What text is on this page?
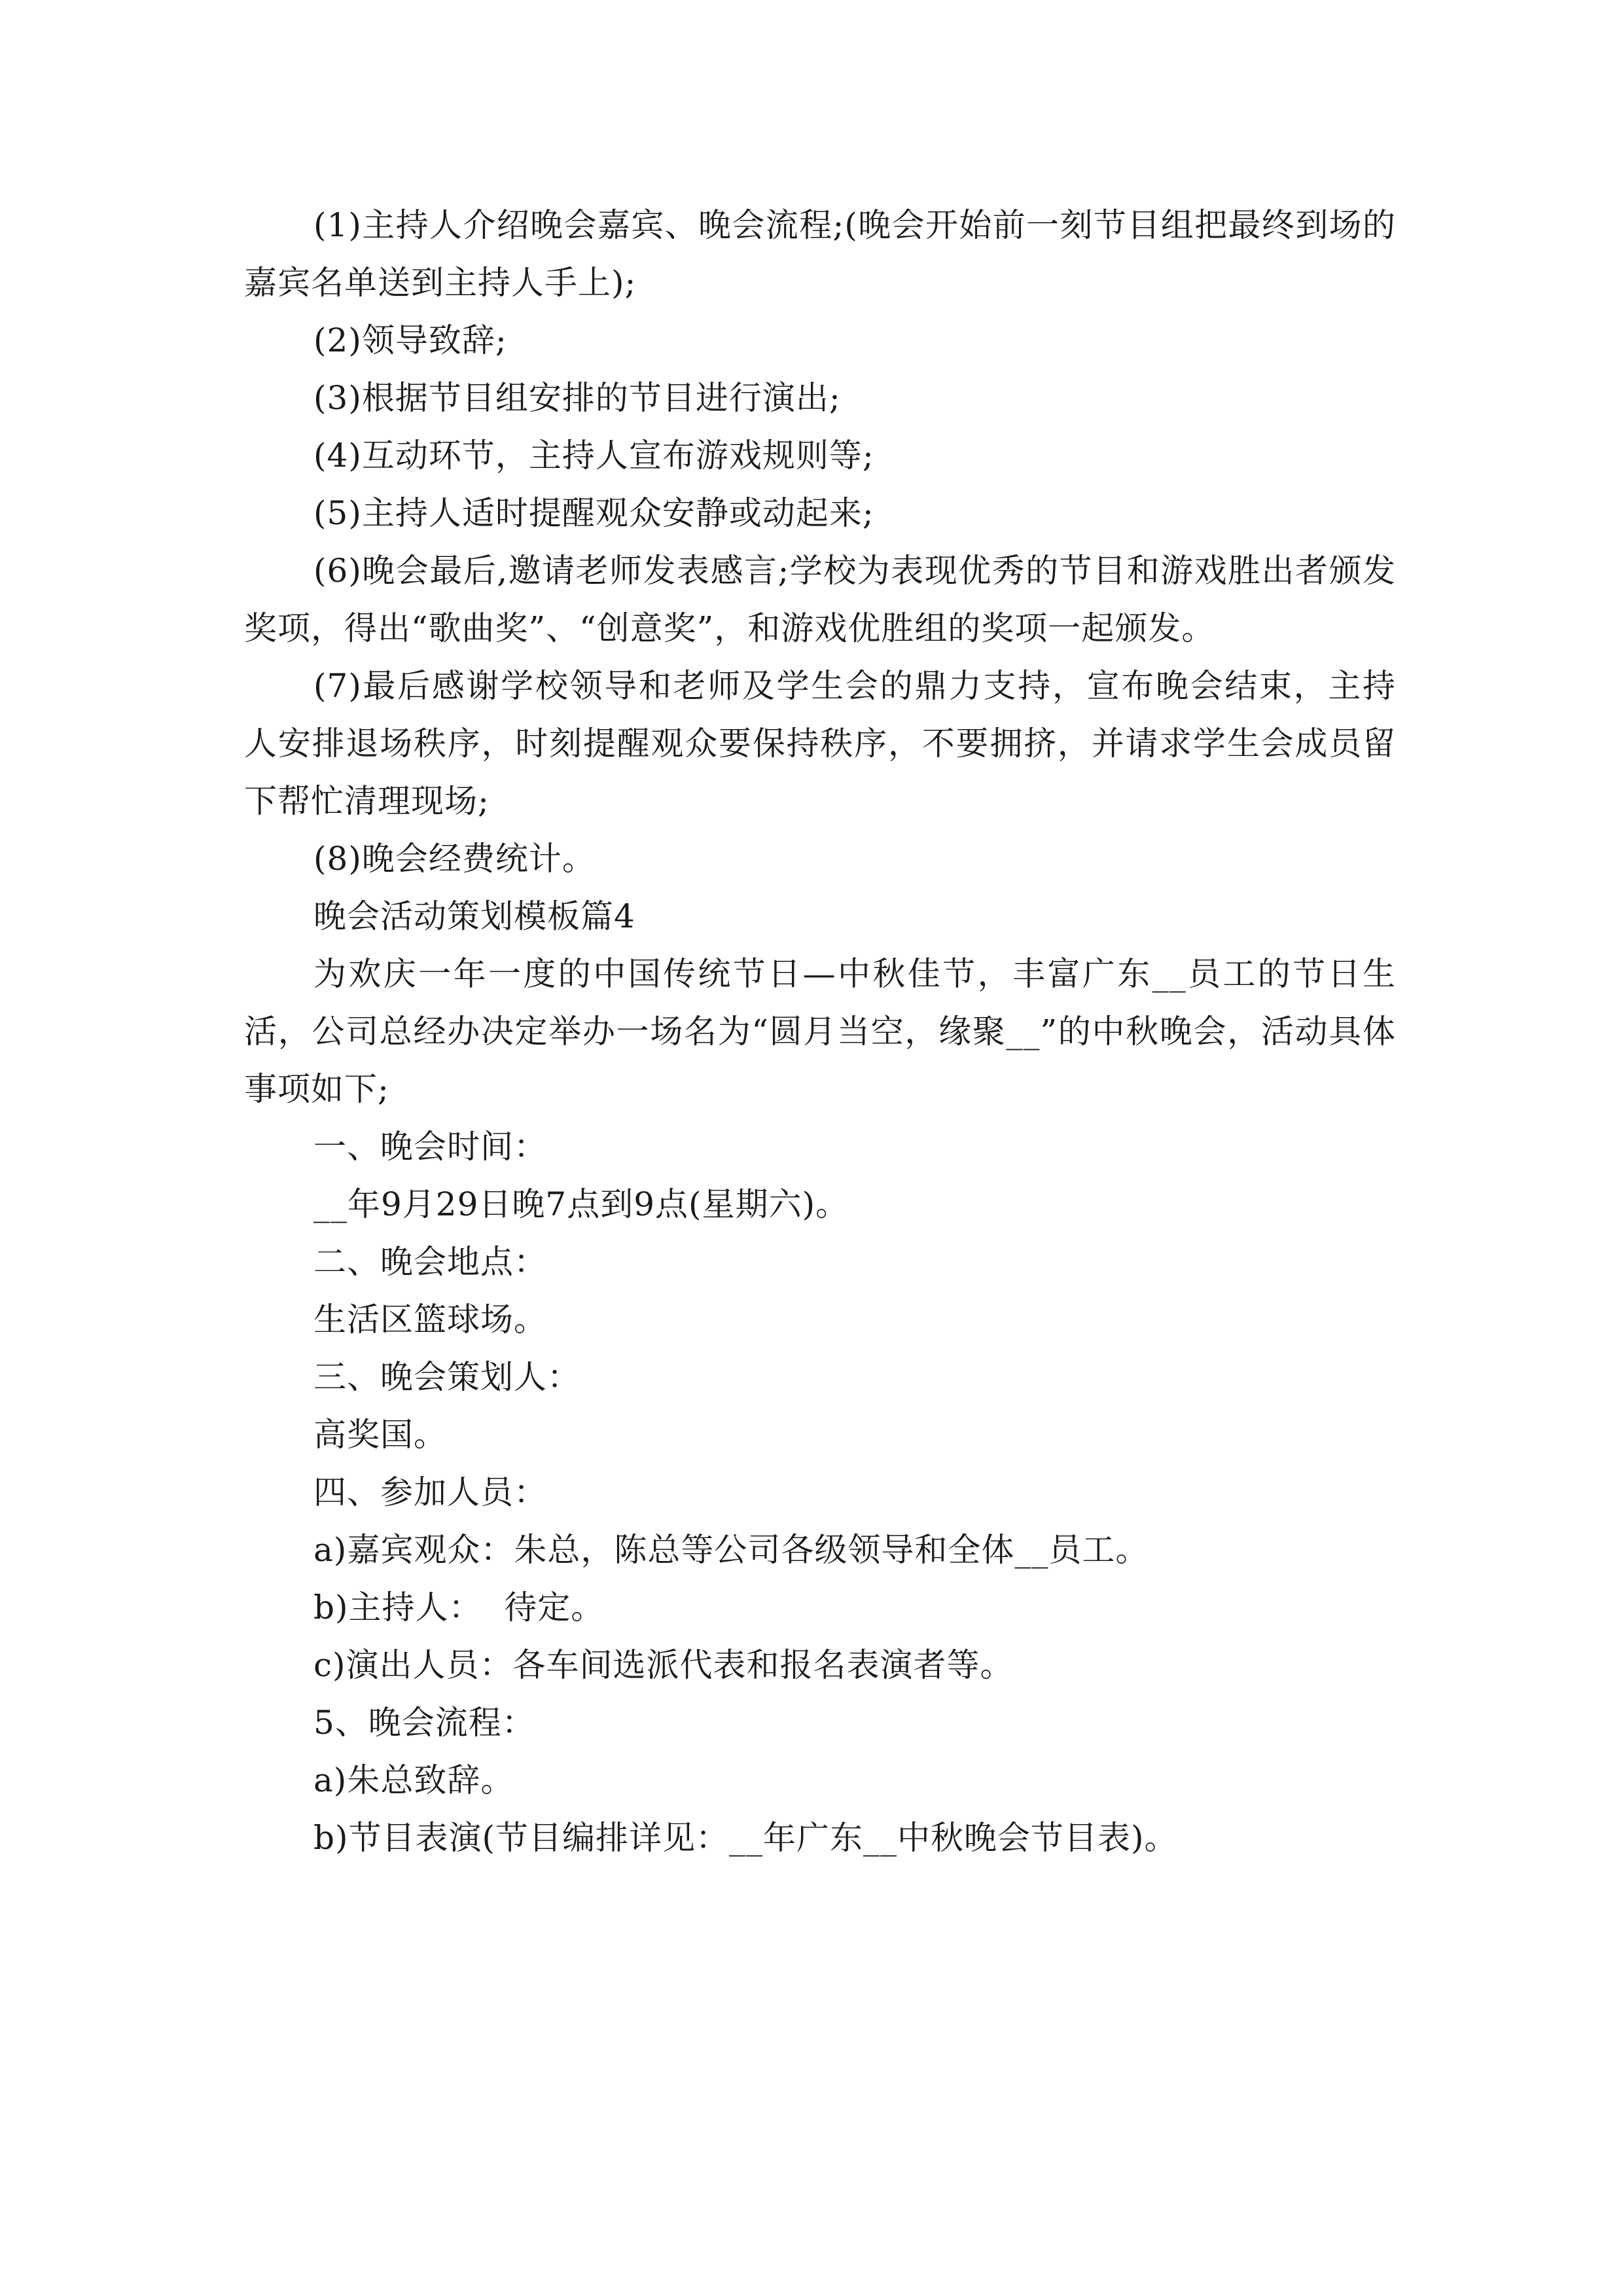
(1)主持人介绍晚会嘉宾、晚会流程;(晚会开始前一刻节目组把最终到场的嘉宾名单送到主持人手上);

(2)领导致辞;

(3)根据节目组安排的节目进行演出;

(4)互动环节，主持人宣布游戏规则等;

(5)主持人适时提醒观众安静或动起来;

(6)晚会最后,邀请老师发表感言;学校为表现优秀的节目和游戏胜出者颁发奖项，得出“歌曲奖”、“创意奖”，和游戏优胜组的奖项一起颁发。

(7)最后感谢学校领导和老师及学生会的鼎力支持，宣布晚会结束，主持人安排退场秩序，时刻提醒观众要保持秩序，不要拥挤，并请求学生会成员留下帮忙清理现场;

(8)晚会经费统计。

晚会活动策划模板篇4

为欢庆一年一度的中国传统节日—中秋佳节，丰富广东__员工的节日生活，公司总经办决定举办一场名为“圆月当空，缘聚__”的中秋晚会，活动具体事项如下;

一、晚会时间：

__年9月29日晚7点到9点(星期六)。

二、晚会地点：

生活区篮球场。

三、晚会策划人：

高奖国。

四、参加人员：

a)嘉宾观众：朱总，陈总等公司各级领导和全体__员工。

b)主持人：  待定。

c)演出人员：各车间选派代表和报名表演者等。

5、晚会流程：

a)朱总致辞。

b)节目表演(节目编排详见：__年广东__中秋晚会节目表)。
